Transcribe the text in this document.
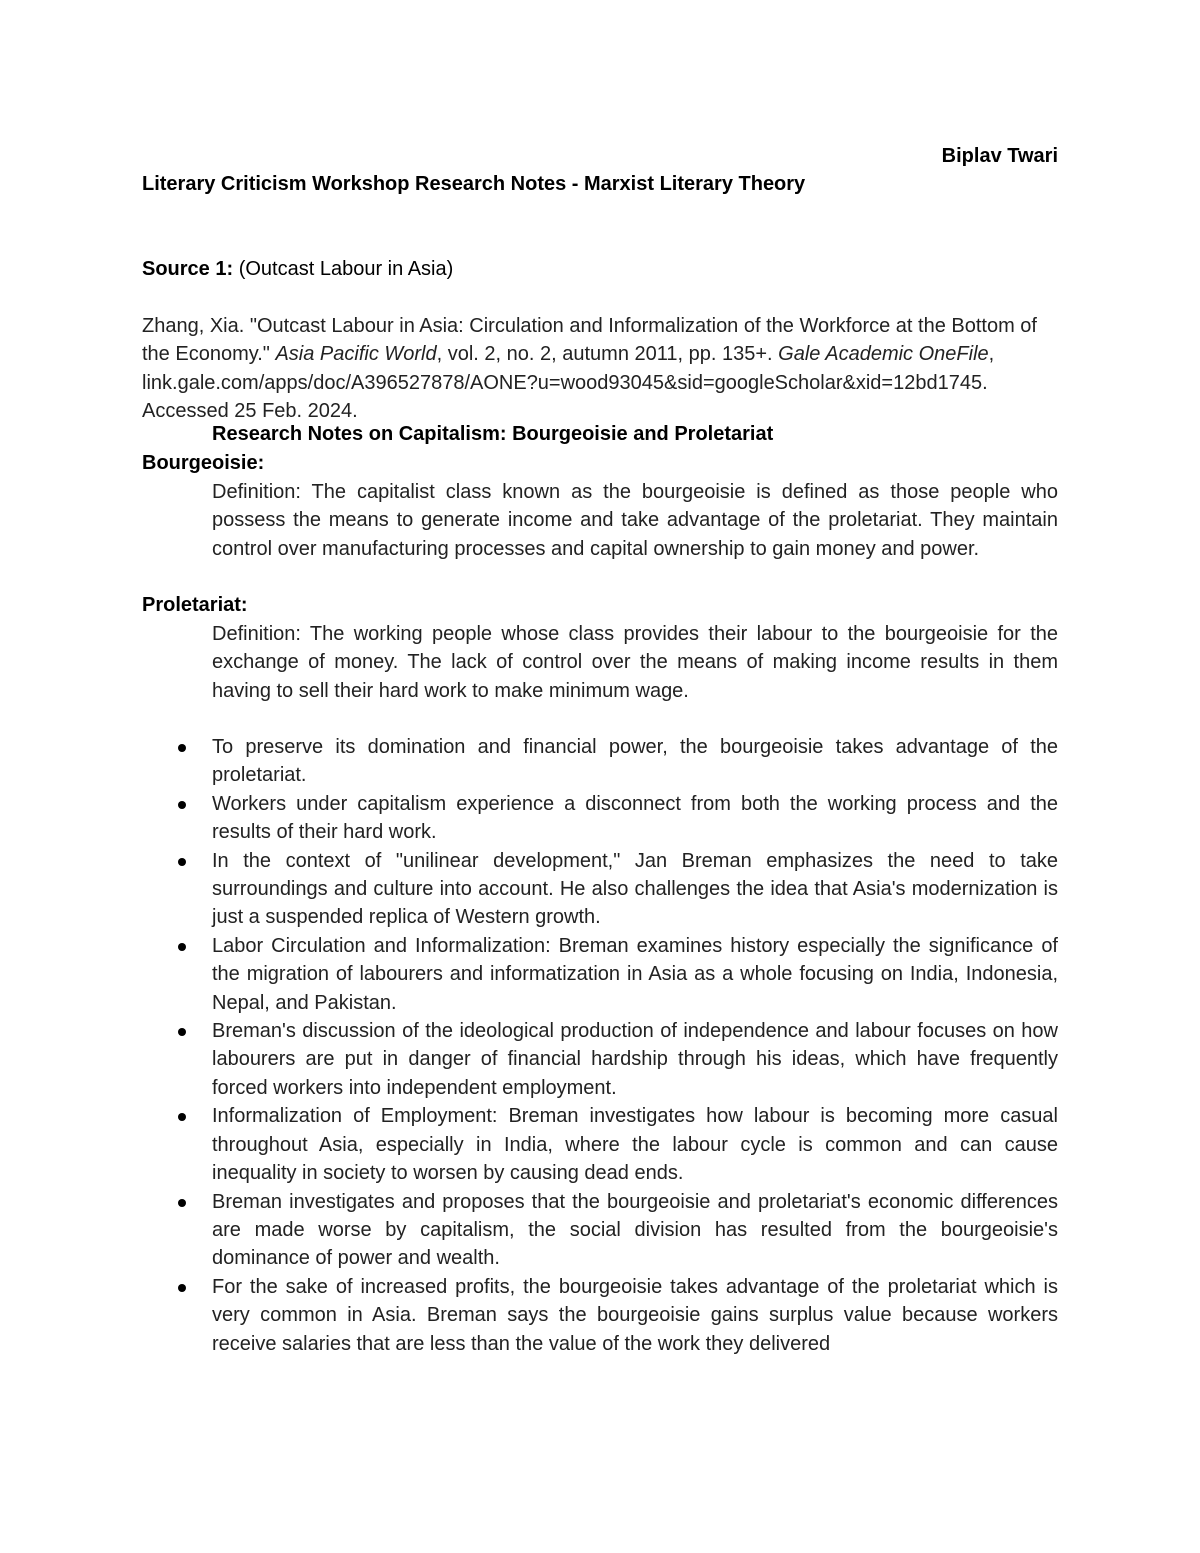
Biplav Twari
Literary Criticism Workshop Research Notes - Marxist Literary Theory
Source 1: (Outcast Labour in Asia)
Zhang, Xia. "Outcast Labour in Asia: Circulation and Informalization of the Workforce at the Bottom of the Economy." Asia Pacific World, vol. 2, no. 2, autumn 2011, pp. 135+. Gale Academic OneFile, link.gale.com/apps/doc/A396527878/AONE?u=wood93045&sid=googleScholar&xid=12bd1745. Accessed 25 Feb. 2024.
Research Notes on Capitalism: Bourgeoisie and Proletariat
Bourgeoisie:
Definition: The capitalist class known as the bourgeoisie is defined as those people who possess the means to generate income and take advantage of the proletariat. They maintain control over manufacturing processes and capital ownership to gain money and power.
Proletariat:
Definition: The working people whose class provides their labour to the bourgeoisie for the exchange of money. The lack of control over the means of making income results in them having to sell their hard work to make minimum wage.
To preserve its domination and financial power, the bourgeoisie takes advantage of the proletariat.
Workers under capitalism experience a disconnect from both the working process and the results of their hard work.
In the context of "unilinear development," Jan Breman emphasizes the need to take surroundings and culture into account. He also challenges the idea that Asia's modernization is just a suspended replica of Western growth.
Labor Circulation and Informalization: Breman examines history especially the significance of the migration of labourers and informatization in Asia as a whole focusing on India, Indonesia, Nepal, and Pakistan.
Breman's discussion of the ideological production of independence and labour focuses on how labourers are put in danger of financial hardship through his ideas, which have frequently forced workers into independent employment.
Informalization of Employment: Breman investigates how labour is becoming more casual throughout Asia, especially in India, where the labour cycle is common and can cause inequality in society to worsen by causing dead ends.
Breman investigates and proposes that the bourgeoisie and proletariat's economic differences are made worse by capitalism, the social division has resulted from the bourgeoisie's dominance of power and wealth.
For the sake of increased profits, the bourgeoisie takes advantage of the proletariat which is very common in Asia. Breman says the bourgeoisie gains surplus value because workers receive salaries that are less than the value of the work they delivered
